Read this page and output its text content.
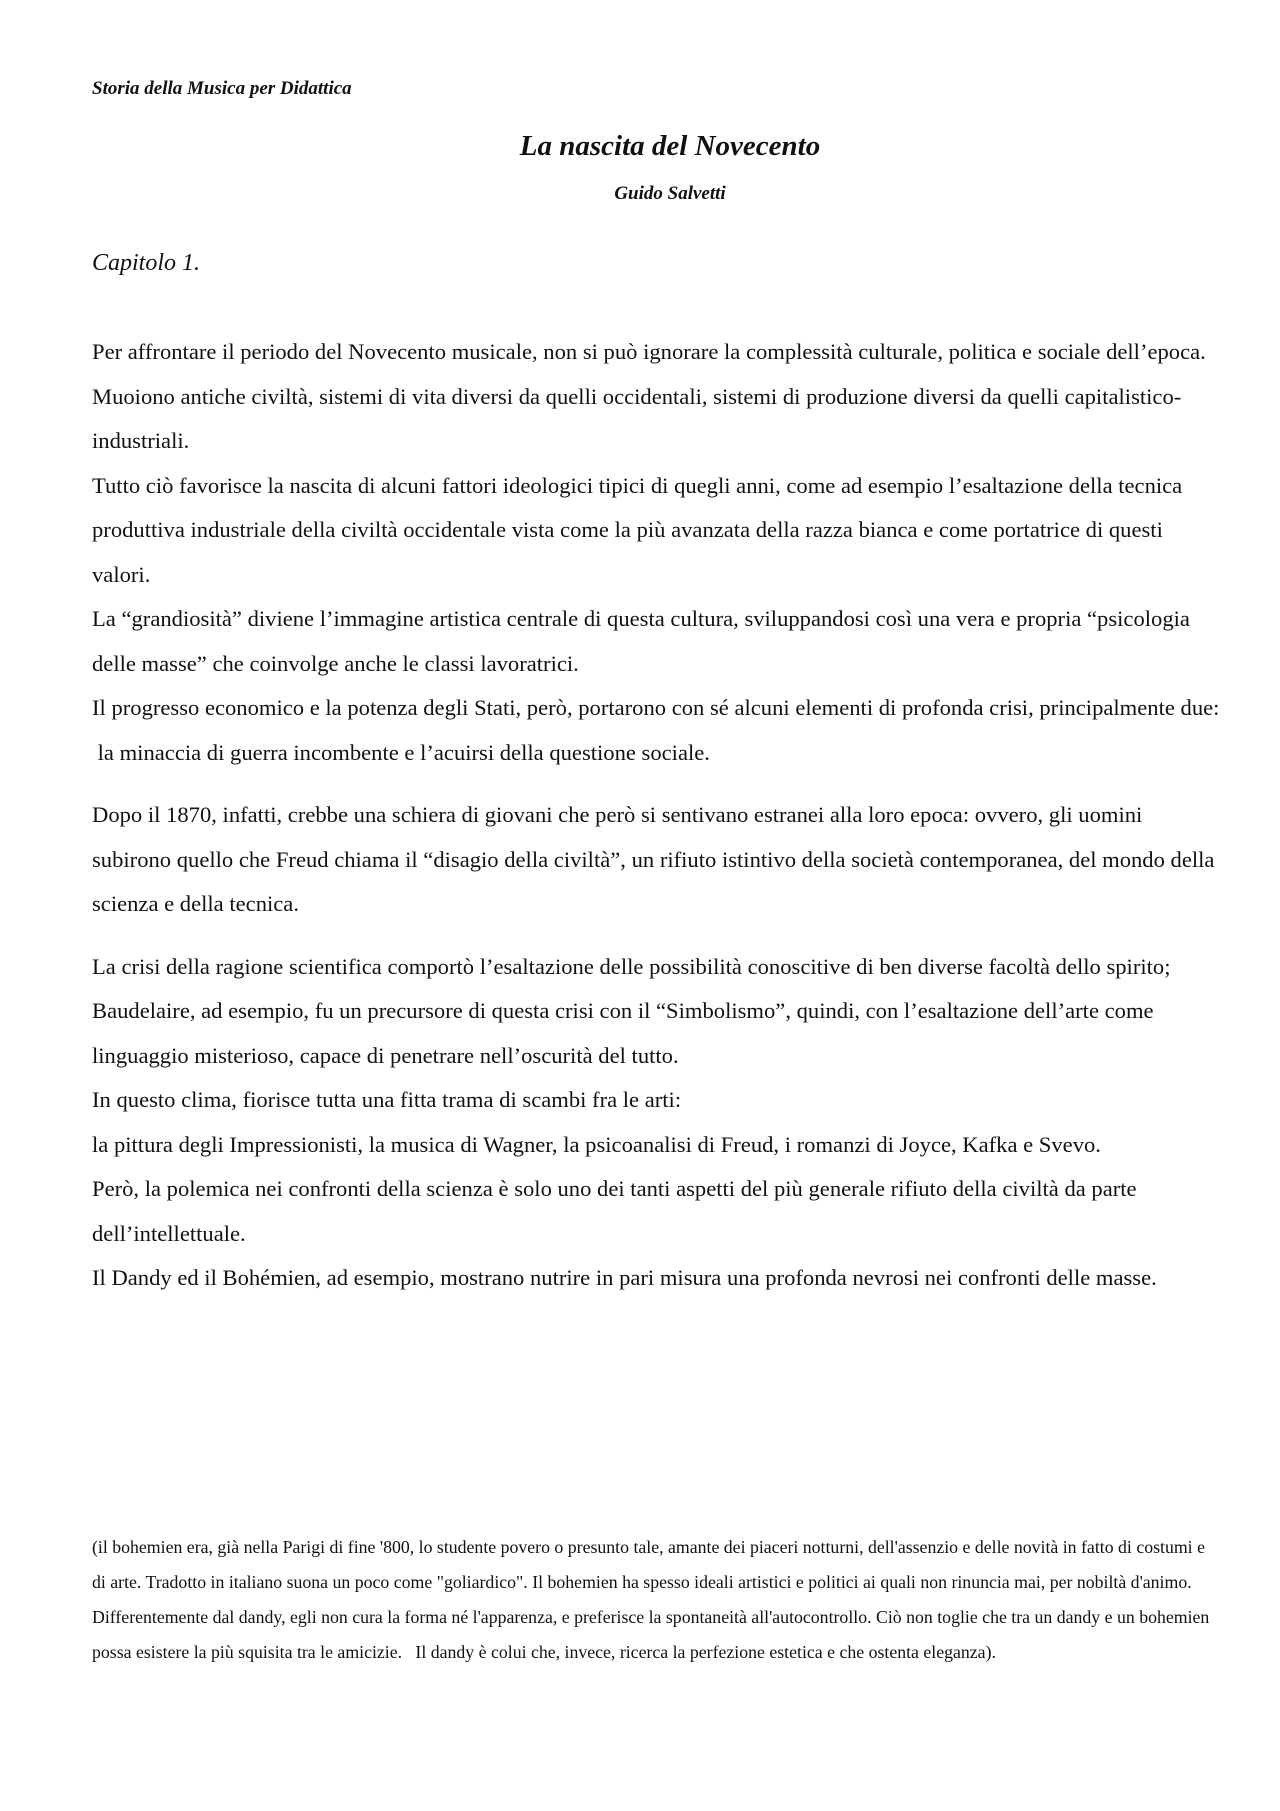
Storia della Musica per Didattica
La nascita del Novecento
Guido Salvetti
Capitolo 1.

Per affrontare il periodo del Novecento musicale, non si può ignorare la complessità culturale, politica e sociale dell’epoca.

Muoiono antiche civiltà, sistemi di vita diversi da quelli occidentali, sistemi di produzione diversi da quelli capitalistico-industriali.

Tutto ciò favorisce la nascita di alcuni fattori ideologici tipici di quegli anni, come ad esempio l’esaltazione della tecnica produttiva industriale della civiltà occidentale vista come la più avanzata della razza bianca e come portatrice di questi valori.

La “grandiosità” diviene l’immagine artistica centrale di questa cultura, sviluppandosi così una vera e propria “psicologia delle masse” che coinvolge anche le classi lavoratrici.

Il progresso economico e la potenza degli Stati, però, portarono con sé alcuni elementi di profonda crisi, principalmente due:

la minaccia di guerra incombente e l’acuirsi della questione sociale.

Dopo il 1870, infatti, crebbe una schiera di giovani che però si sentivano estranei alla loro epoca: ovvero, gli uomini subirono quello che Freud chiama il “disagio della civiltà”, un rifiuto istintivo della società contemporanea, del mondo della scienza e della tecnica.

La crisi della ragione scientifica comportò l’esaltazione delle possibilità conoscitive di ben diverse facoltà dello spirito;

Baudelaire, ad esempio, fu un precursore di questa crisi con il “Simbolismo”, quindi, con l’esaltazione dell’arte come linguaggio misterioso, capace di penetrare nell’oscurità del tutto.

In questo clima, fiorisce tutta una fitta trama di scambi fra le arti:

la pittura degli Impressionisti, la musica di Wagner, la psicoanalisi di Freud, i romanzi di Joyce, Kafka e Svevo.

Però, la polemica nei confronti della scienza è solo uno dei tanti aspetti del più generale rifiuto della civiltà da parte dell’intellettuale.

Il Dandy ed il Bohémien, ad esempio, mostrano nutrire in pari misura una profonda nevrosi nei confronti delle masse.

(il bohemien era, già nella Parigi di fine '800, lo studente povero o presunto tale, amante dei piaceri notturni, dell'assenzio e delle novità in fatto di costumi e di arte. Tradotto in italiano suona un poco come "goliardico". Il bohemien ha spesso ideali artistici e politici ai quali non rinuncia mai, per nobiltà d'animo. Differentemente dal dandy, egli non cura la forma né l'apparenza, e preferisce la spontaneità all'autocontrollo. Ciò non toglie che tra un dandy e un bohemien possa esistere la più squisita tra le amicizie.   Il dandy è colui che, invece, ricerca la perfezione estetica e che ostenta eleganza).
